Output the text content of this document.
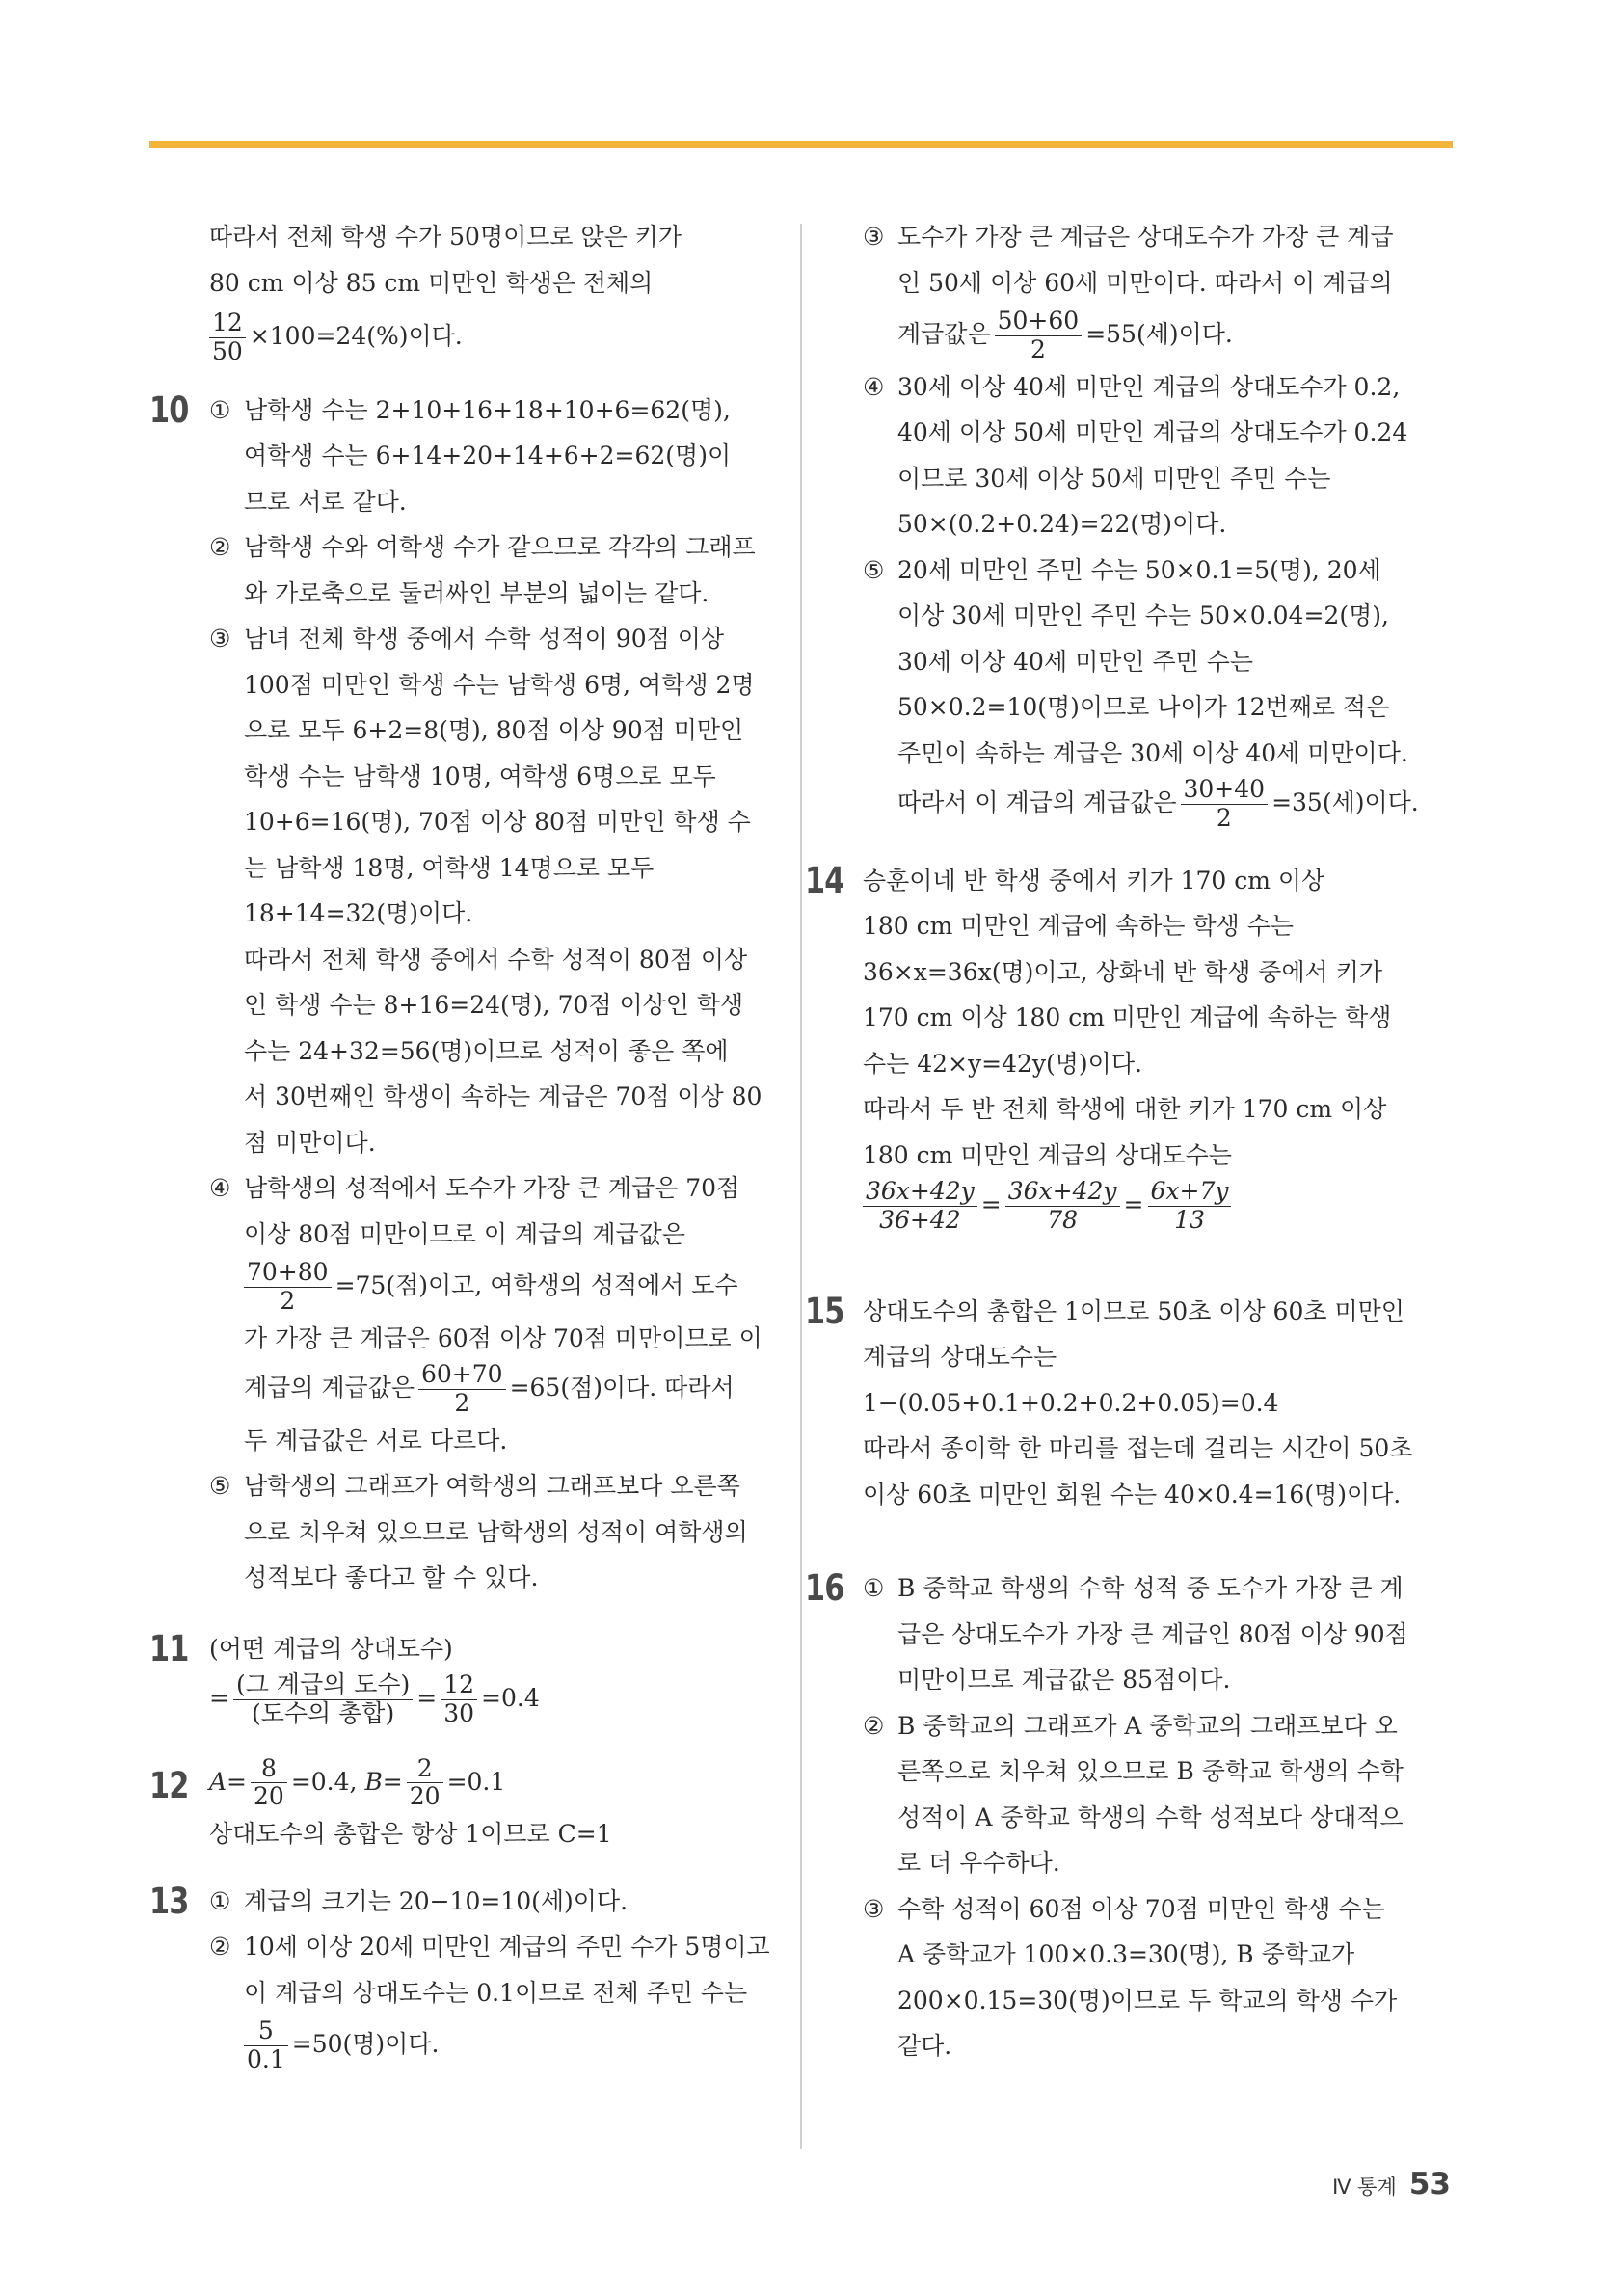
따라서 전체 학생 수가 50명이므로 앉은 키가
80 cm 이상 85 cm 미만인 학생은 전체의
$\frac{12}{50} \times 100=24(\%)$이다.
10 ① 남학생 수는 2+10+16+18+10+6=62(명),
여학생 수는 6+14+20+14+6+2=62(명)이
므로 서로 같다.
② 남학생 수와 여학생 수가 같으므로 각각의 그래프
와 가로축으로 둘러싸인 부분의 넓이는 같다.
③ 남녀 전체 학생 중에서 수학 성적이 90점 이상
100점 미만인 학생 수는 남학생 6명, 여학생 2명
으로 모두 6+2=8(명), 80점 이상 90점 미만인
학생 수는 남학생 10명, 여학생 6명으로 모두
10+6=16(명), 70점 이상 80점 미만인 학생 수
는 남학생 18명, 여학생 14명으로 모두
18+14=32(명)이다.
따라서 전체 학생 중에서 수학 성적이 80점 이상
인 학생 수는 8+16=24(명), 70점 이상인 학생
수는 24+32=56(명)이므로 성적이 좋은 쪽에
서 30번째인 학생이 속하는 계급은 70점 이상 80
점 미만이다.
④ 남학생의 성적에서 도수가 가장 큰 계급은 70점
이상 80점 미만이므로 이 계급의 계급값은
$\frac{70+80}{2} =75$(점)이고, 여학생의 성적에서 도수
가 가장 큰 계급은 60점 이상 70점 미만이므로 이
계급의 계급값은 $\frac{60+70}{2} =65$(점)이다. 따라서
두 계급값은 서로 다르다.
⑤ 남학생의 그래프가 여학생의 그래프보다 오른쪽
으로 치우쳐 있으므로 남학생의 성적이 여학생의
성적보다 좋다고 할 수 있다.
11 (어떤 계급의 상대도수)
= $\frac{\text{(그 계급의 도수)}}{\text{(도수의 총합)}} = \frac{12}{30} =0.4$
12 $A= \frac{8}{20} =0.4$, $B= \frac{2}{20} =0.1$
상대도수의 총합은 항상 1이므로 C=1
13 ① 계급의 크기는 20−10=10(세)이다.
② 10세 이상 20세 미만인 계급의 주민 수가 5명이고
이 계급의 상대도수는 0.1이므로 전체 주민 수는
$\frac{5}{0.1} =50$(명)이다.
③ 도수가 가장 큰 계급은 상대도수가 가장 큰 계급
인 50세 이상 60세 미만이다. 따라서 이 계급의
계급값은 $\frac{50+60}{2} =55$(세)이다.
④ 30세 이상 40세 미만인 계급의 상대도수가 0.2,
40세 이상 50세 미만인 계급의 상대도수가 0.24
이므로 30세 이상 50세 미만인 주민 수는
50×(0.2+0.24)=22(명)이다.
⑤ 20세 미만인 주민 수는 50×0.1=5(명), 20세
이상 30세 미만인 주민 수는 50×0.04=2(명),
30세 이상 40세 미만인 주민 수는
50×0.2=10(명)이므로 나이가 12번째로 적은
주민이 속하는 계급은 30세 이상 40세 미만이다.
따라서 이 계급의 계급값은 $\frac{30+40}{2} =35$(세)이다.
14 승훈이네 반 학생 중에서 키가 170 cm 이상
180 cm 미만인 계급에 속하는 학생 수는
36×x=36x(명)이고, 상화네 반 학생 중에서 키가
170 cm 이상 180 cm 미만인 계급에 속하는 학생
수는 42×y=42y(명)이다.
따라서 두 반 전체 학생에 대한 키가 170 cm 이상
180 cm 미만인 계급의 상대도수는
$\frac{36x+42y}{36+42} = \frac{36x+42y}{78} = \frac{6x+7y}{13}$
15 상대도수의 총합은 1이므로 50초 이상 60초 미만인
계급의 상대도수는
1−(0.05+0.1+0.2+0.2+0.05)=0.4
따라서 종이학 한 마리를 접는데 걸리는 시간이 50초
이상 60초 미만인 회원 수는 40×0.4=16(명)이다.
16 ① B 중학교 학생의 수학 성적 중 도수가 가장 큰 계
급은 상대도수가 가장 큰 계급인 80점 이상 90점
미만이므로 계급값은 85점이다.
② B 중학교의 그래프가 A 중학교의 그래프보다 오
른쪽으로 치우쳐 있으므로 B 중학교 학생의 수학
성적이 A 중학교 학생의 수학 성적보다 상대적으
로 더 우수하다.
③ 수학 성적이 60점 이상 70점 미만인 학생 수는
A 중학교가 100×0.3=30(명), B 중학교가
200×0.15=30(명)이므로 두 학교의 학생 수가
같다.
Ⅳ 통계 53
